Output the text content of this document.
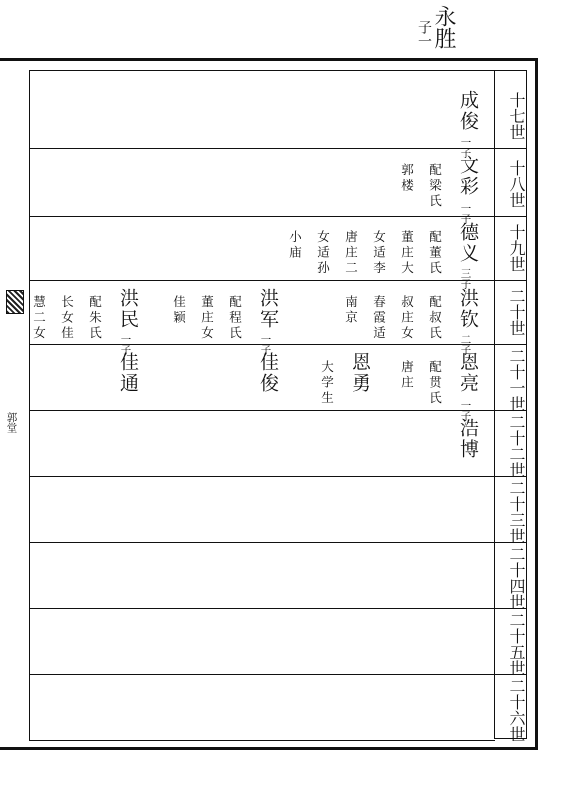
永胜
子一
十七世
十八世
十九世
二十世
二十一世
二十二世
二十三世
二十四世
二十五世
二十六世
成俊
一子
文彩
一子
配梁氏
郭楼
德义
三子
配董氏
董庄大
女适李
唐庄二
女适孙
小庙
洪钦
二子
配叔氏
叔庄女
春霞适
南京
洪军
一子
配程氏
董庄女
佳颖
洪民
一子
配朱氏
长女佳
慧二女
恩亮
一子
配贯氏
唐庄
恩勇
大学生
佳俊
佳通
浩博
郭堂
